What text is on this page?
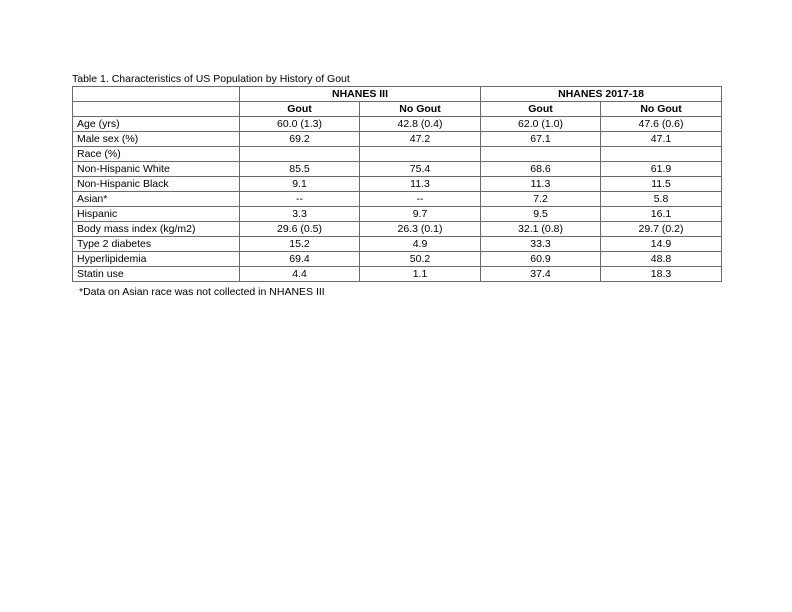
Table 1. Characteristics of US Population by History of Gout
	NHANES III		NHANES 2017-18	
	Gout	No Gout	Gout	No Gout
Age (yrs)	60.0 (1.3)	42.8 (0.4)	62.0 (1.0)	47.6 (0.6)
Male sex (%)	69.2	47.2	67.1	47.1
Race (%)				
Non-Hispanic White	85.5	75.4	68.6	61.9
Non-Hispanic Black	9.1	11.3	11.3	11.5
Asian*	--	--	7.2	5.8
Hispanic	3.3	9.7	9.5	16.1
Body mass index (kg/m2)	29.6 (0.5)	26.3 (0.1)	32.1 (0.8)	29.7 (0.2)
Type 2 diabetes	15.2	4.9	33.3	14.9
Hyperlipidemia	69.4	50.2	60.9	48.8
Statin use	4.4	1.1	37.4	18.3
*Data on Asian race was not collected in NHANES III
